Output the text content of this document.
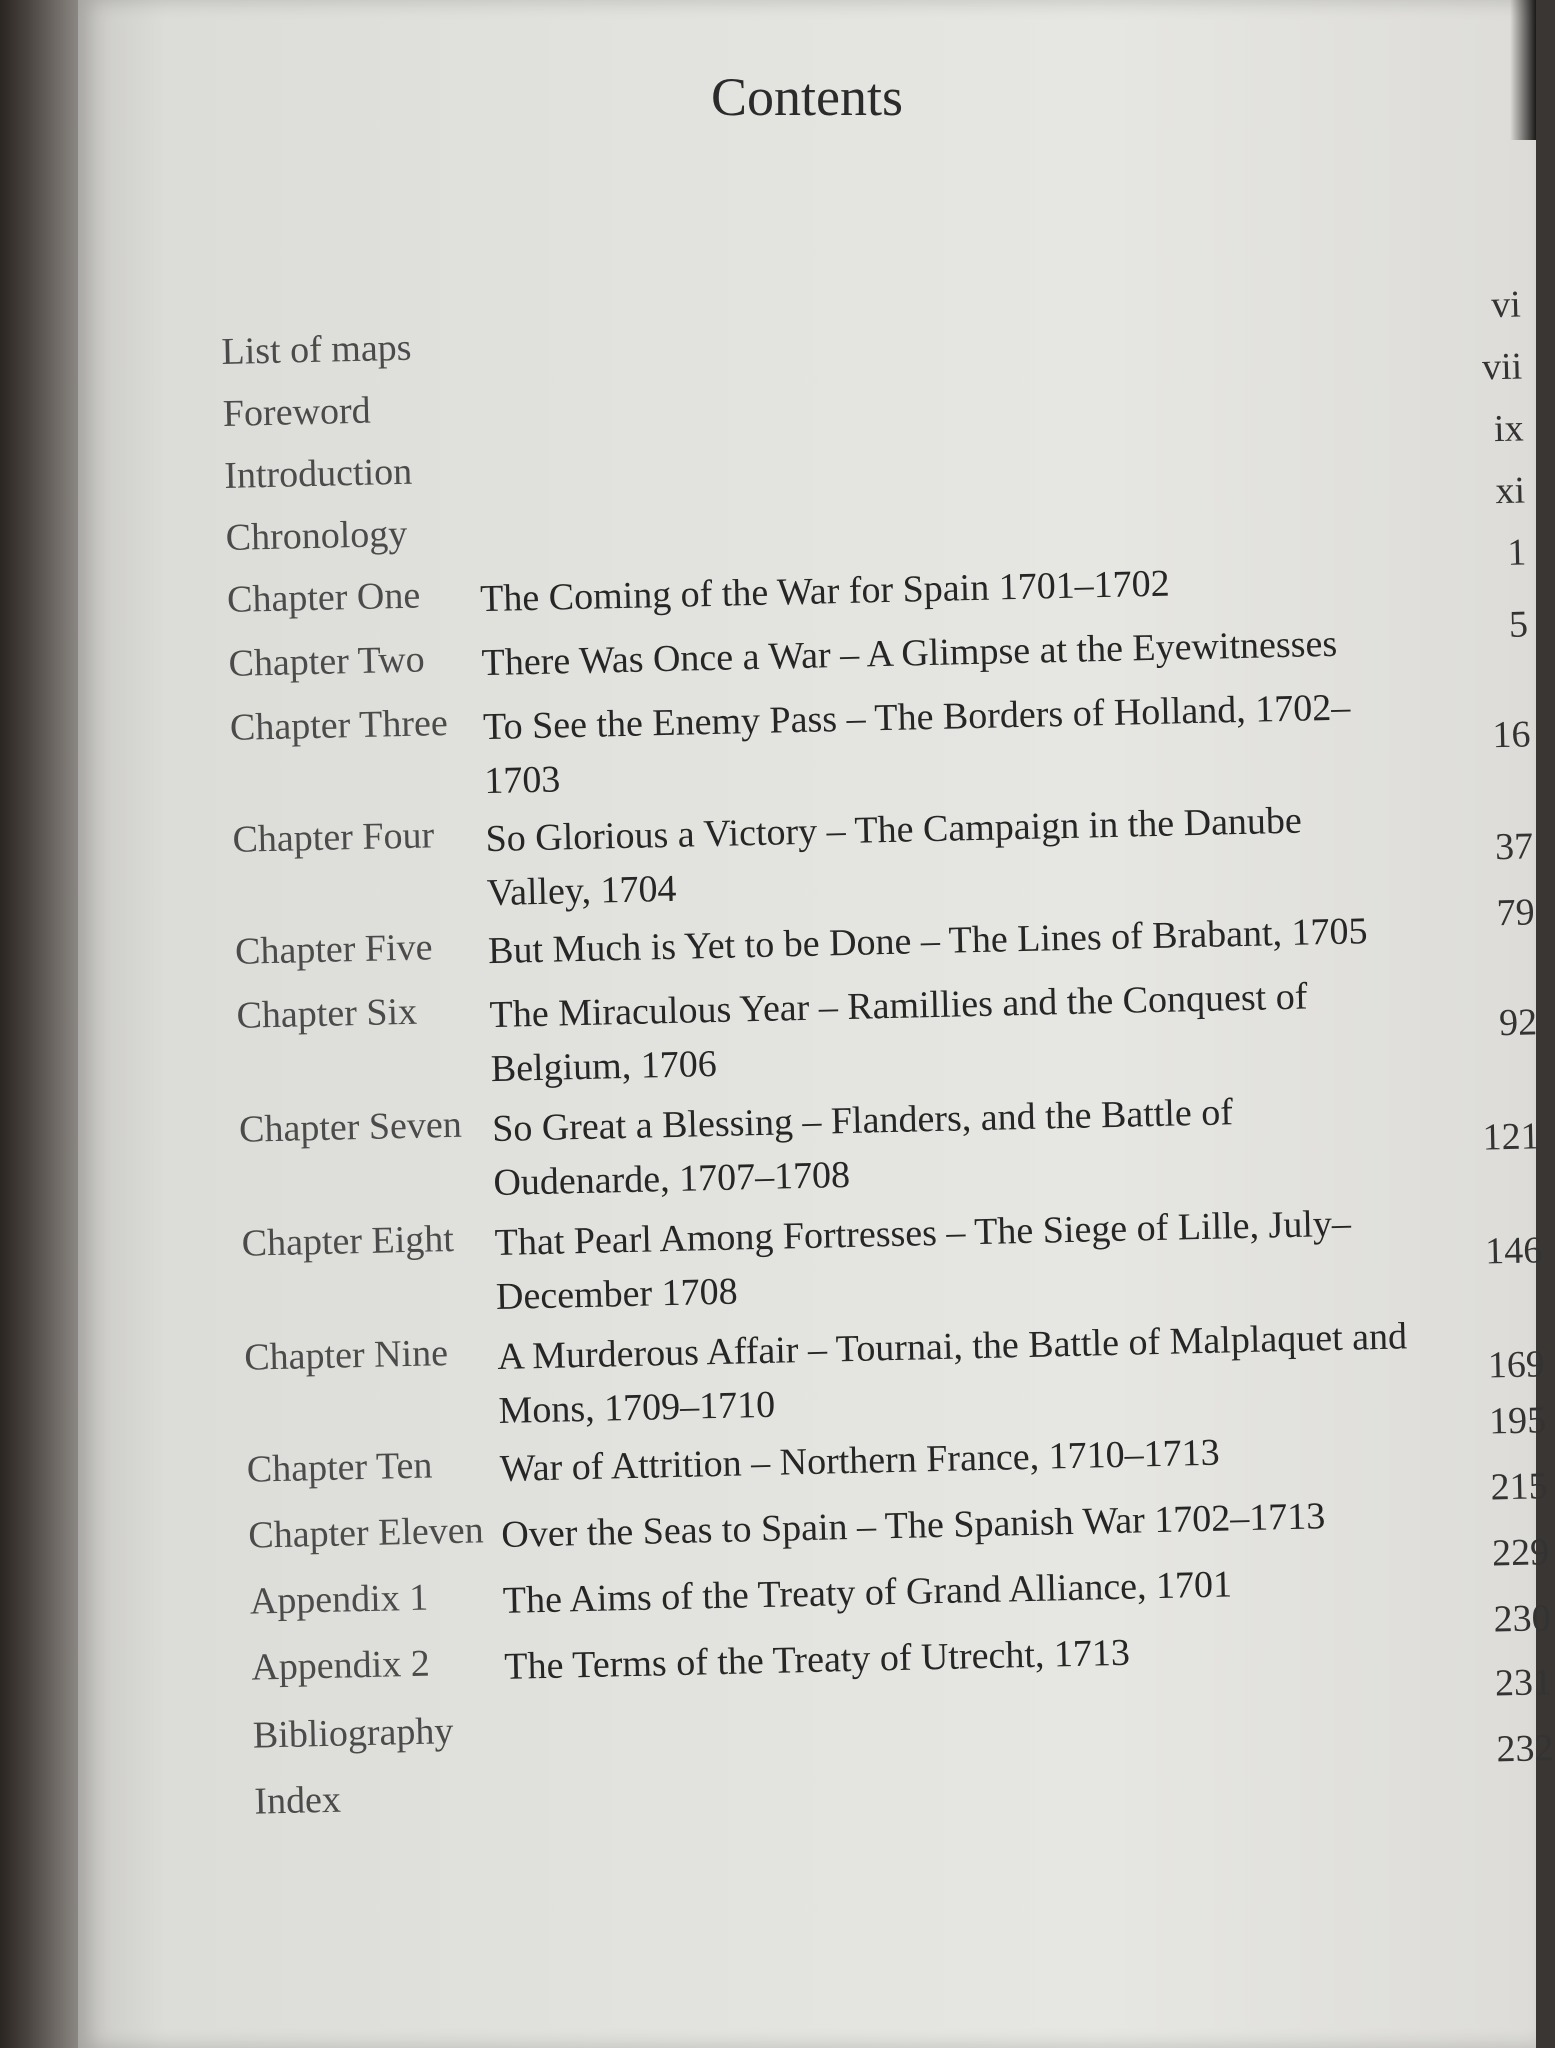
Contents
List of maps
vi
Foreword
vii
Introduction
ix
Chronology
xi
Chapter One The Coming of the War for Spain 1701–1702
1
Chapter Two There Was Once a War – A Glimpse at the Eyewitnesses	5
Chapter Three To See the Enemy Pass – The Borders of Holland, 1702–1703
16
Chapter Four So Glorious a Victory – The Campaign in the Danube Valley, 1704
37
Chapter Five But Much is Yet to be Done – The Lines of Brabant, 1705	79
Chapter Six The Miraculous Year – Ramillies and the Conquest of Belgium, 1706
92
Chapter Seven So Great a Blessing – Flanders, and the Battle of Oudenarde, 1707–1708
121
Chapter Eight That Pearl Among Fortresses – The Siege of Lille, July–December 1708
146
Chapter Nine A Murderous Affair – Tournai, the Battle of Malplaquet and Mons, 1709–1710
169
Chapter Ten War of Attrition – Northern France, 1710–1713
195
Chapter Eleven Over the Seas to Spain – The Spanish War 1702–1713
215
Appendix 1 The Aims of the Treaty of Grand Alliance, 1701
229
Appendix 2 The Terms of the Treaty of Utrecht, 1713
230
Bibliography
231
Index
232
